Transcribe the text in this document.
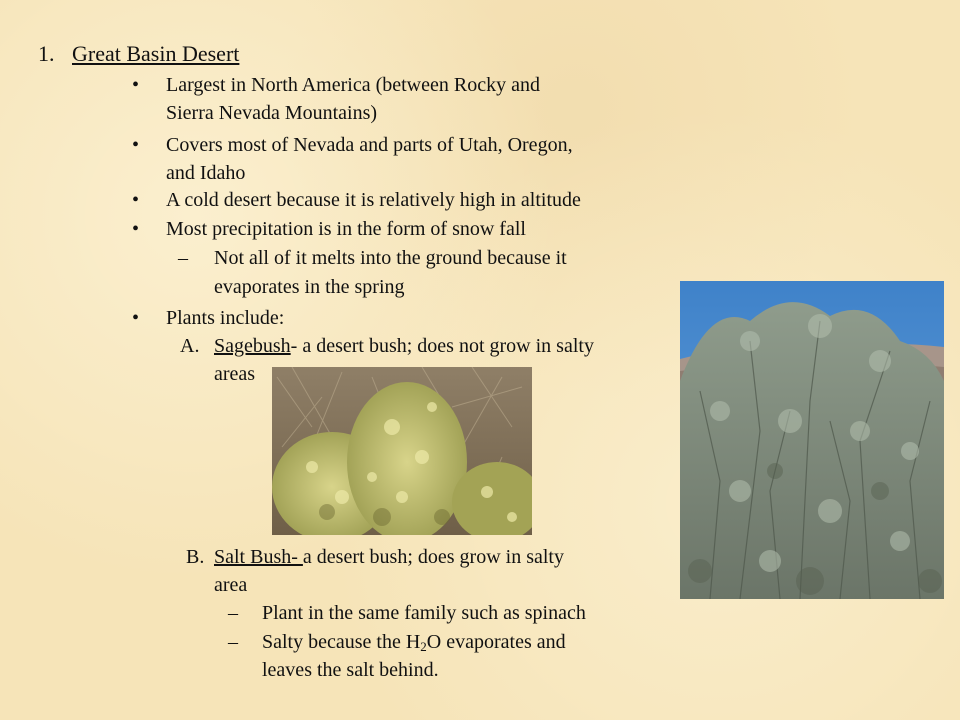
1. Great Basin Desert
• Largest in North America (between Rocky and
Sierra Nevada Mountains)
• Covers most of Nevada and parts of Utah, Oregon,
and Idaho
• A cold desert because it is relatively high in altitude
• Most precipitation is in the form of snow fall
– Not all of it melts into the ground because it
evaporates in the spring
• Plants include:
A. Sagebush- a desert bush; does not grow in salty
areas
B. Salt Bush- a desert bush; does grow in salty
area
– Plant in the same family such as spinach
– Salty because the $H_2O$ evaporates and
leaves the salt behind.
